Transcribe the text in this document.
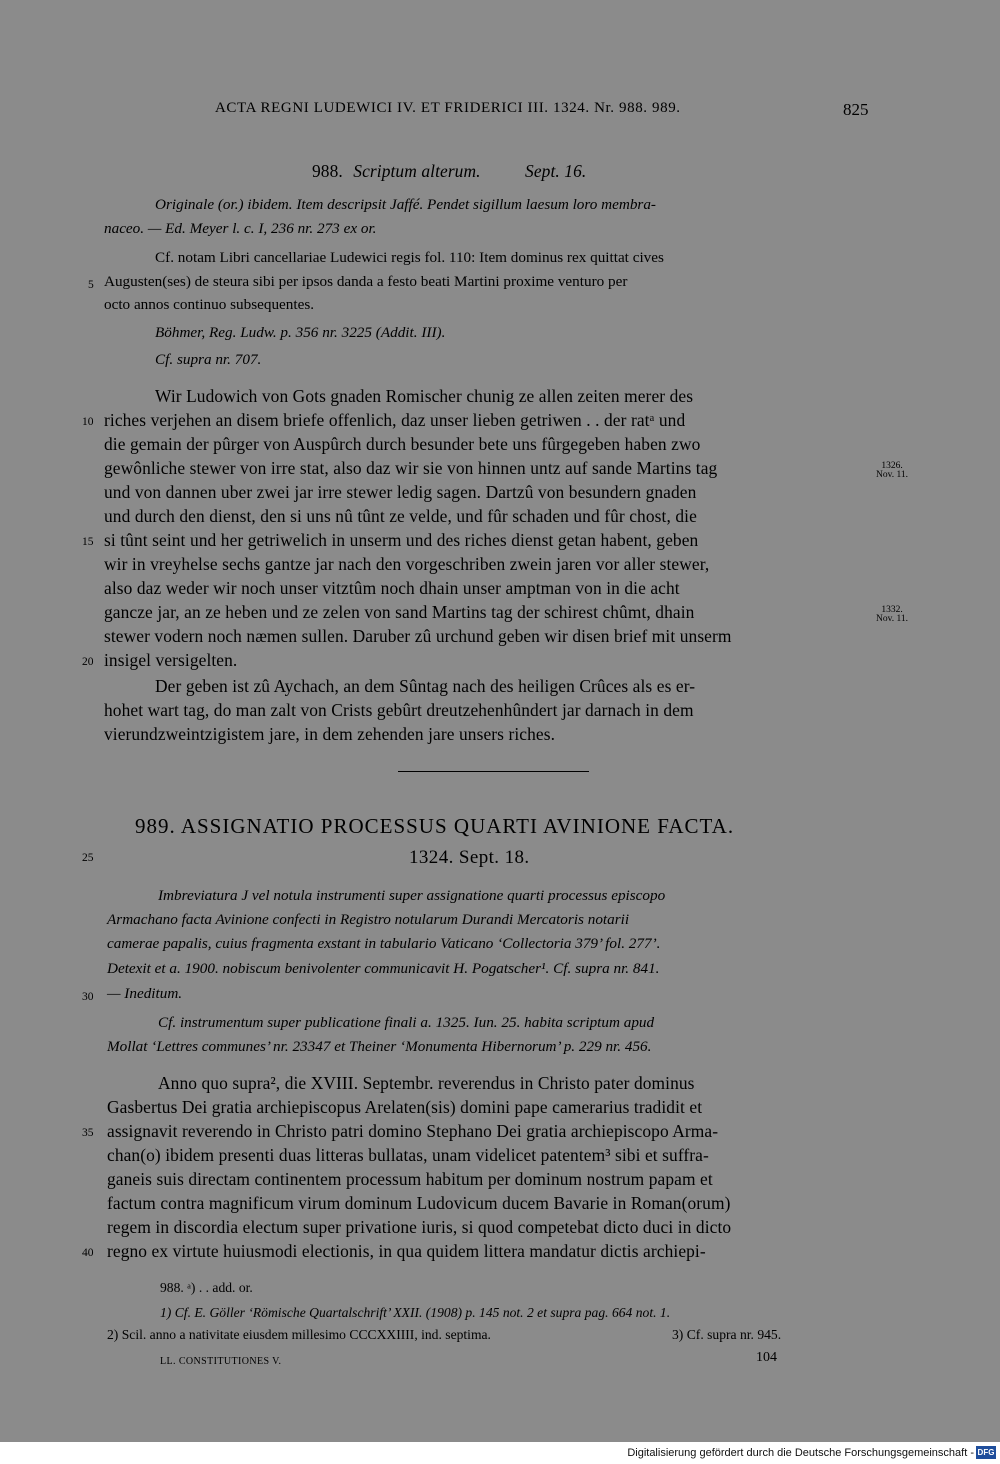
ACTA REGNI LUDEWICI IV. ET FRIDERICI III. 1324. Nr. 988. 989.	825
988. Scriptum alterum.	Sept. 16.
Originale (or.) ibidem. Item descripsit Jaffé. Pendet sigillum laesum loro membra-
naceo. — Ed. Meyer l. c. I, 236 nr. 273 ex or.
Cf. notam Libri cancellariae Ludewici regis fol. 110: Item dominus rex quittat cives
Augusten(ses) de steura sibi per ipsos danda a festo beati Martini proxime venturo per
octo annos continuo subsequentes.
Böhmer, Reg. Ludw. p. 356 nr. 3225 (Addit. III).
Cf. supra nr. 707.
Wir Ludowich von Gots gnaden Romischer chunig ze allen zeiten merer des
riches verjehen an disem briefe offenlich, daz unser lieben getriwen . . der ratᵃ und
die gemain der pûrger von Auspûrch durch besunder bete uns fûrgegeben haben zwo
gewônliche stewer von irre stat, also daz wir sie von hinnen untz auf sande Martins tag
und von dannen uber zwei jar irre stewer ledig sagen. Dartzû von besundern gnaden
und durch den dienst, den si uns nû tûnt ze velde, und fûr schaden und fûr chost, die
si tûnt seint und her getriwelich in unserm und des riches dienst getan habent, geben
wir in vreyhelse sechs gantze jar nach den vorgeschriben zwein jaren vor aller stewer,
also daz weder wir noch unser vitztûm noch dhain unser amptman von in die acht
gancze jar, an ze heben und ze zelen von sand Martins tag der schirest chûmt, dhain
stewer vodern noch næmen sullen. Daruber zû urchund geben wir disen brief mit unserm
insigel versigelten.
Der geben ist zû Aychach, an dem Sûntag nach des heiligen Crûces als es er-
hohet wart tag, do man zalt von Crists gebûrt dreutzehenhûndert jar darnach in dem
vierundzweintzigistem jare, in dem zehenden jare unsers riches.
1326.
Nov. 11.
1332.
Nov. 11.
989. ASSIGNATIO PROCESSUS QUARTI AVINIONE FACTA.
1324. Sept. 18.
Imbreviatura J vel notula instrumenti super assignatione quarti processus episcopo
Armachano facta Avinione confecti in Registro notularum Durandi Mercatoris notarii
camerae papalis, cuius fragmenta exstant in tabulario Vaticano ‘Collectoria 379’ fol. 277’.
Detexit et a. 1900. nobiscum benivolenter communicavit H. Pogatscher¹. Cf. supra nr. 841.
— Ineditum.
Cf. instrumentum super publicatione finali a. 1325. Iun. 25. habita scriptum apud
Mollat ‘Lettres communes’ nr. 23347 et Theiner ‘Monumenta Hibernorum’ p. 229 nr. 456.
Anno quo supra², die XVIII. Septembr. reverendus in Christo pater dominus
Gasbertus Dei gratia archiepiscopus Arelaten(sis) domini pape camerarius tradidit et
assignavit reverendo in Christo patri domino Stephano Dei gratia archiepiscopo Arma-
chan(o) ibidem presenti duas litteras bullatas, unam videlicet patentem³ sibi et suffra-
ganeis suis directam continentem processum habitum per dominum nostrum papam et
factum contra magnificum virum dominum Ludovicum ducem Bavarie in Roman(orum)
regem in discordia electum super privatione iuris, si quod competebat dicto duci in dicto
regno ex virtute huiusmodi electionis, in qua quidem littera mandatur dictis archiepi-
5
10
15
20
25
30
35
40
988. ᵃ) . . add. or.
1) Cf. E. Göller ‘Römische Quartalschrift’ XXII. (1908) p. 145 not. 2 et supra pag. 664 not. 1.
2) Scil. anno a nativitate eiusdem millesimo CCCXXIIII, ind. septima.	3) Cf. supra nr. 945.
LL. CONSTITUTIONES V.	104
Digitalisierung gefördert durch die Deutsche Forschungsgemeinschaft - DFG
